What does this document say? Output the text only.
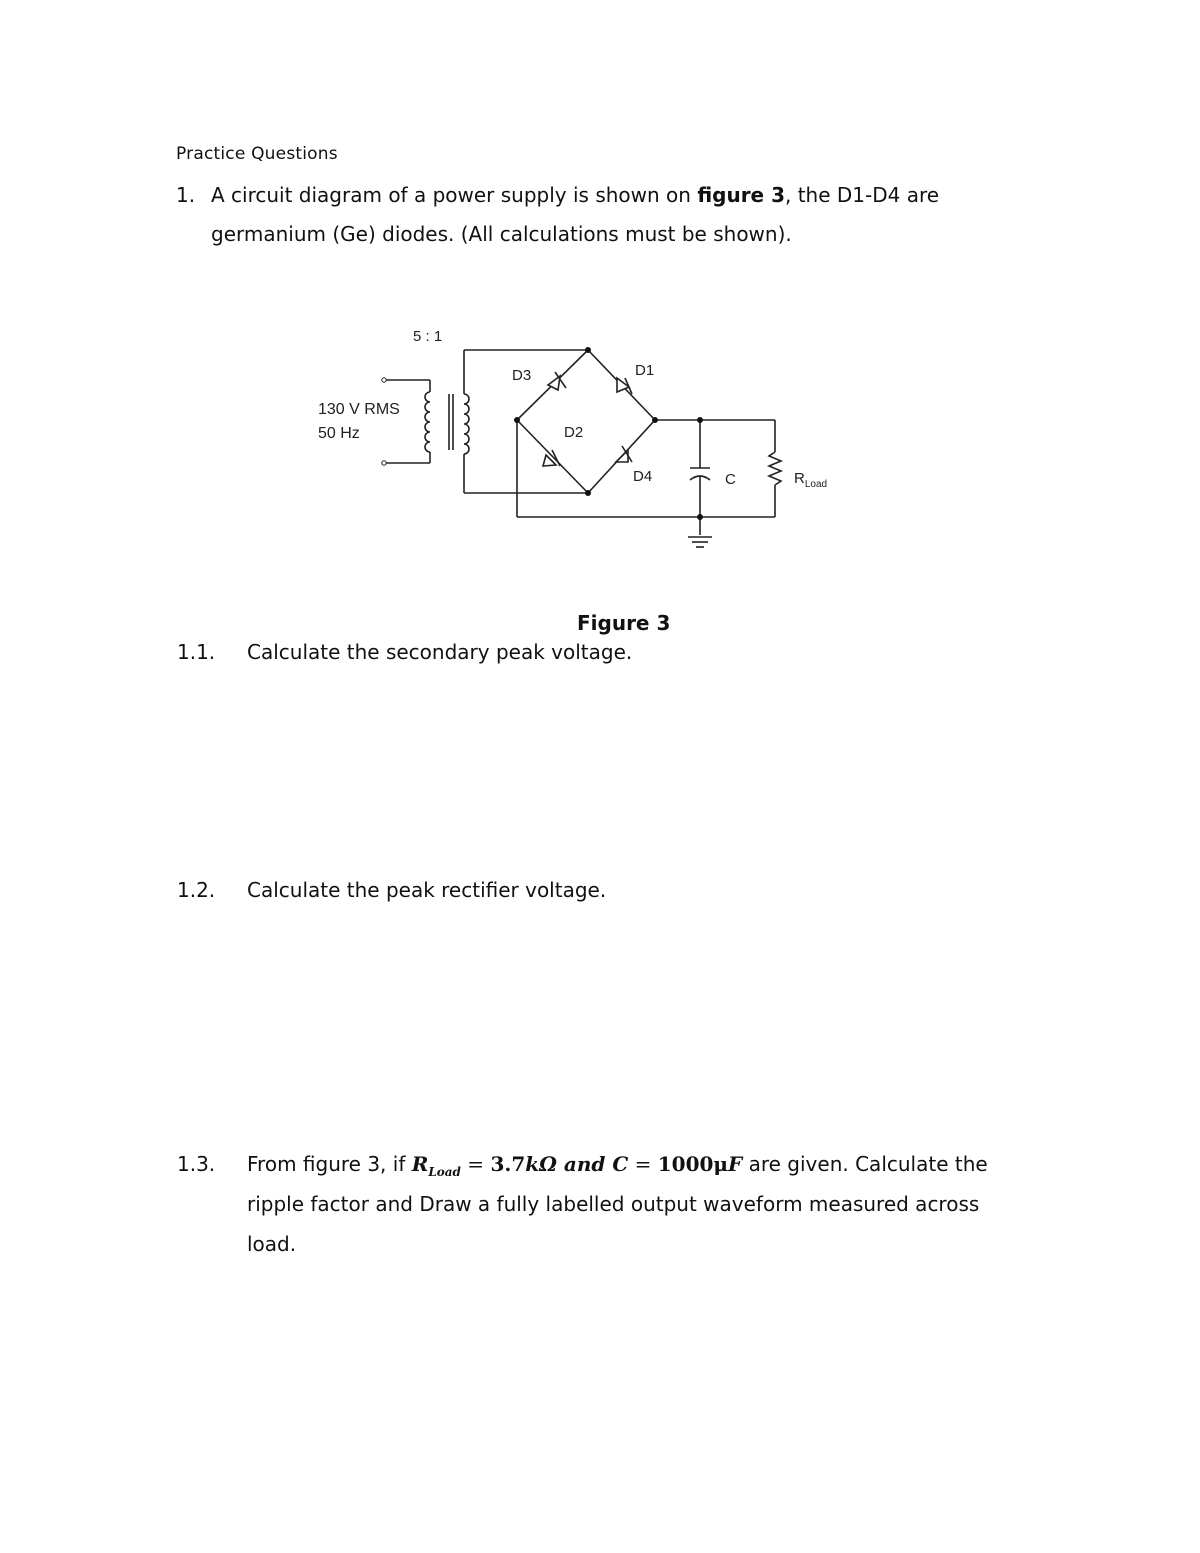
Practice Questions
1. A circuit diagram of a power supply is shown on figure 3, the D1-D4 are
germanium (Ge) diodes. (All calculations must be shown).
5 : 1
130 V RMS
50 Hz
D3	D1
D2
D4	C	$R_{Load}$
Figure 3
1.1. Calculate the secondary peak voltage.
1.2. Calculate the peak rectifier voltage.
1.3. From figure 3, if $R_{Load} = 3.7k\Omega$ and C = 1000μF are given. Calculate the
ripple factor and Draw a fully labelled output waveform measured across
load.
